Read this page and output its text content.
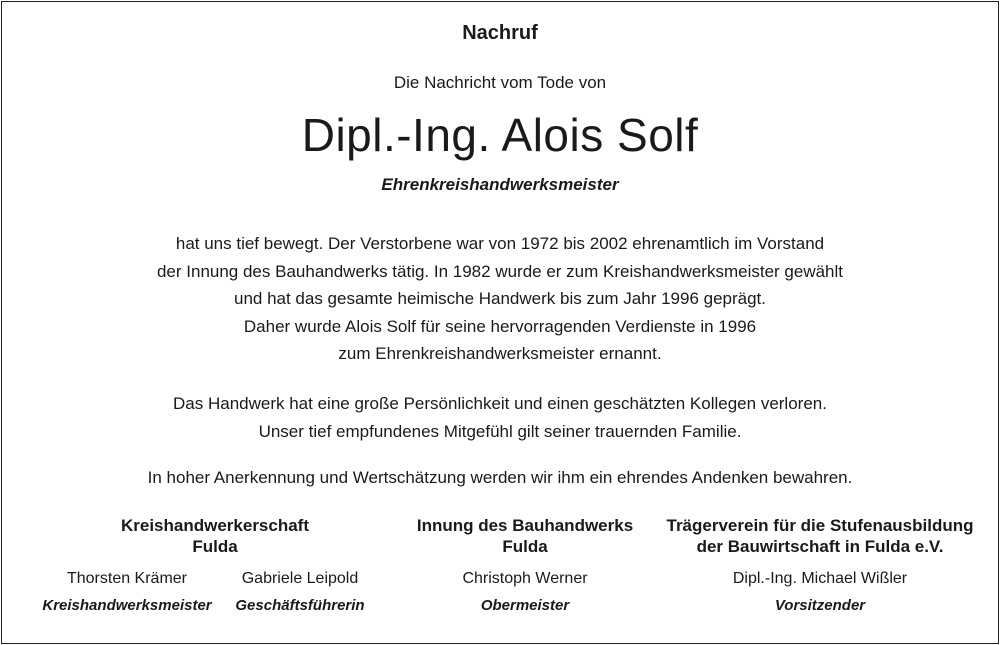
Nachruf
Die Nachricht vom Tode von
Dipl.-Ing. Alois Solf
Ehrenkreishandwerksmeister
hat uns tief bewegt. Der Verstorbene war von 1972 bis 2002 ehrenamtlich im Vorstand
der Innung des Bauhandwerks tätig. In 1982 wurde er zum Kreishandwerksmeister gewählt
und hat das gesamte heimische Handwerk bis zum Jahr 1996 geprägt.
Daher wurde Alois Solf für seine hervorragenden Verdienste in 1996
zum Ehrenkreishandwerksmeister ernannt.
Das Handwerk hat eine große Persönlichkeit und einen geschätzten Kollegen verloren.
Unser tief empfundenes Mitgefühl gilt seiner trauernden Familie.
In hoher Anerkennung und Wertschätzung werden wir ihm ein ehrendes Andenken bewahren.
Kreishandwerkerschaft
Fulda
Innung des Bauhandwerks
Fulda
Trägerverein für die Stufenausbildung
der Bauwirtschaft in Fulda e.V.
Thorsten Krämer
Kreishandwerksmeister
Gabriele Leipold
Geschäftsführerin
Christoph Werner
Obermeister
Dipl.-Ing. Michael Wißler
Vorsitzender
